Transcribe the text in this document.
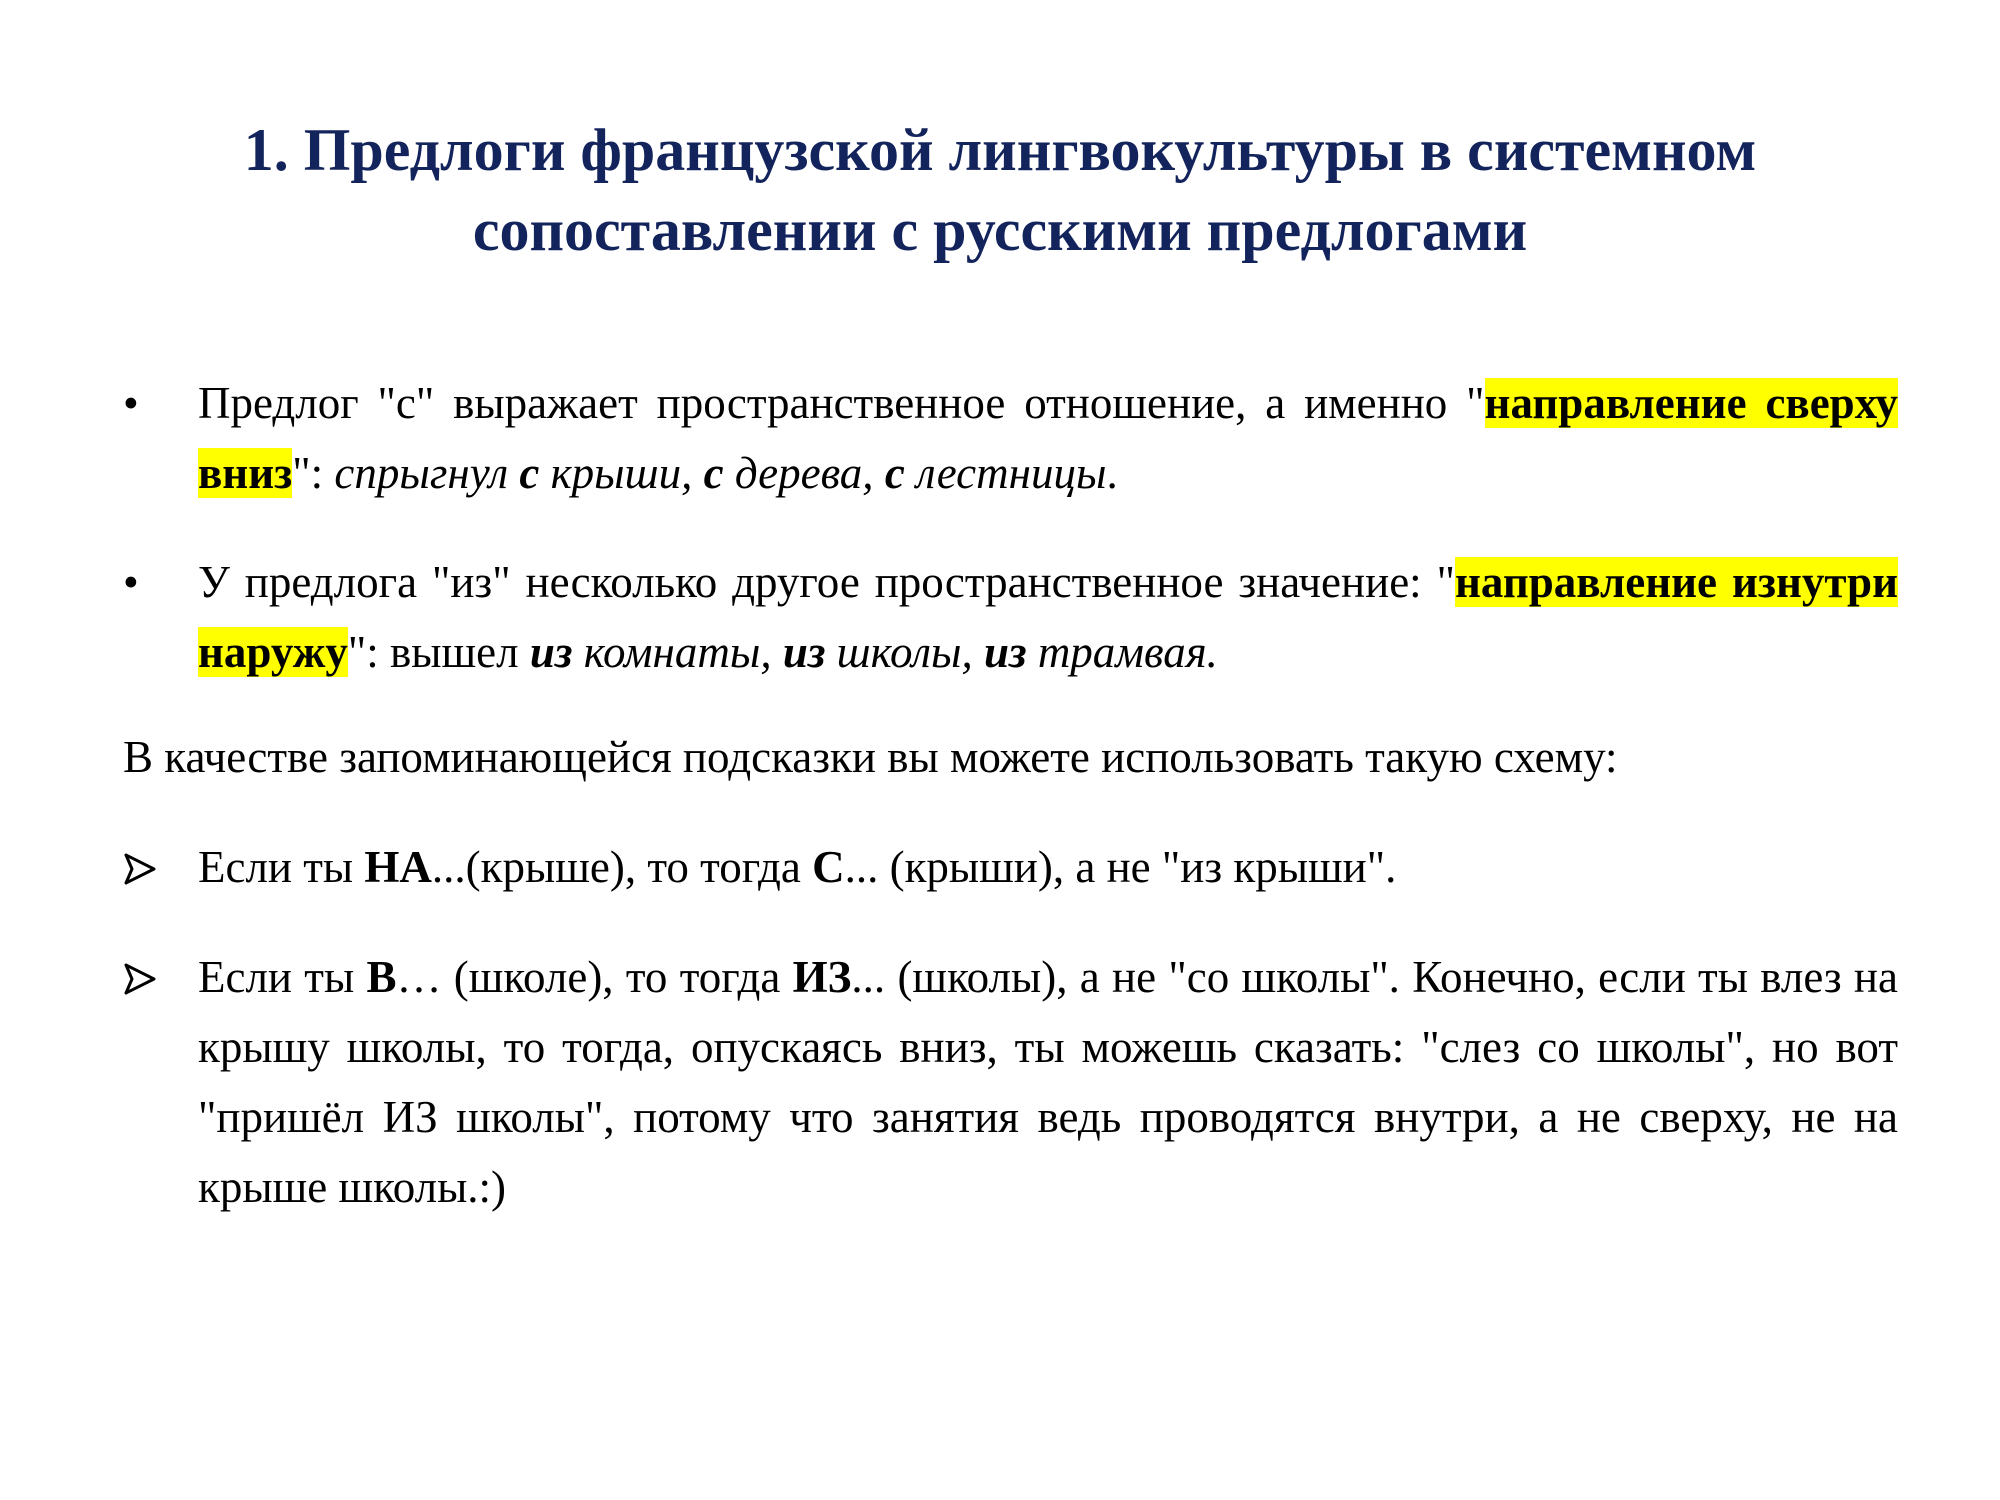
1. Предлоги французской лингвокультуры в системном
сопоставлении с русскими предлогами
•	Предлог "с" выражает пространственное отношение, а именно "направление сверху вниз": спрыгнул с крыши, с дерева, с лестницы.
•	У предлога "из" несколько другое пространственное значение: "направление изнутри наружу": вышел из комнаты, из школы, из трамвая.
В качестве запоминающейся подсказки вы можете использовать такую схему:
Если ты НА...(крыше), то тогда С... (крыши), а не "из крыши".
Если ты В… (школе), то тогда ИЗ... (школы), а не "со школы". Конечно, если ты влез на крышу школы, то тогда, опускаясь вниз, ты можешь сказать: "слез со школы", но вот "пришёл ИЗ школы", потому что занятия ведь проводятся внутри, а не сверху, не на крыше школы.:)
